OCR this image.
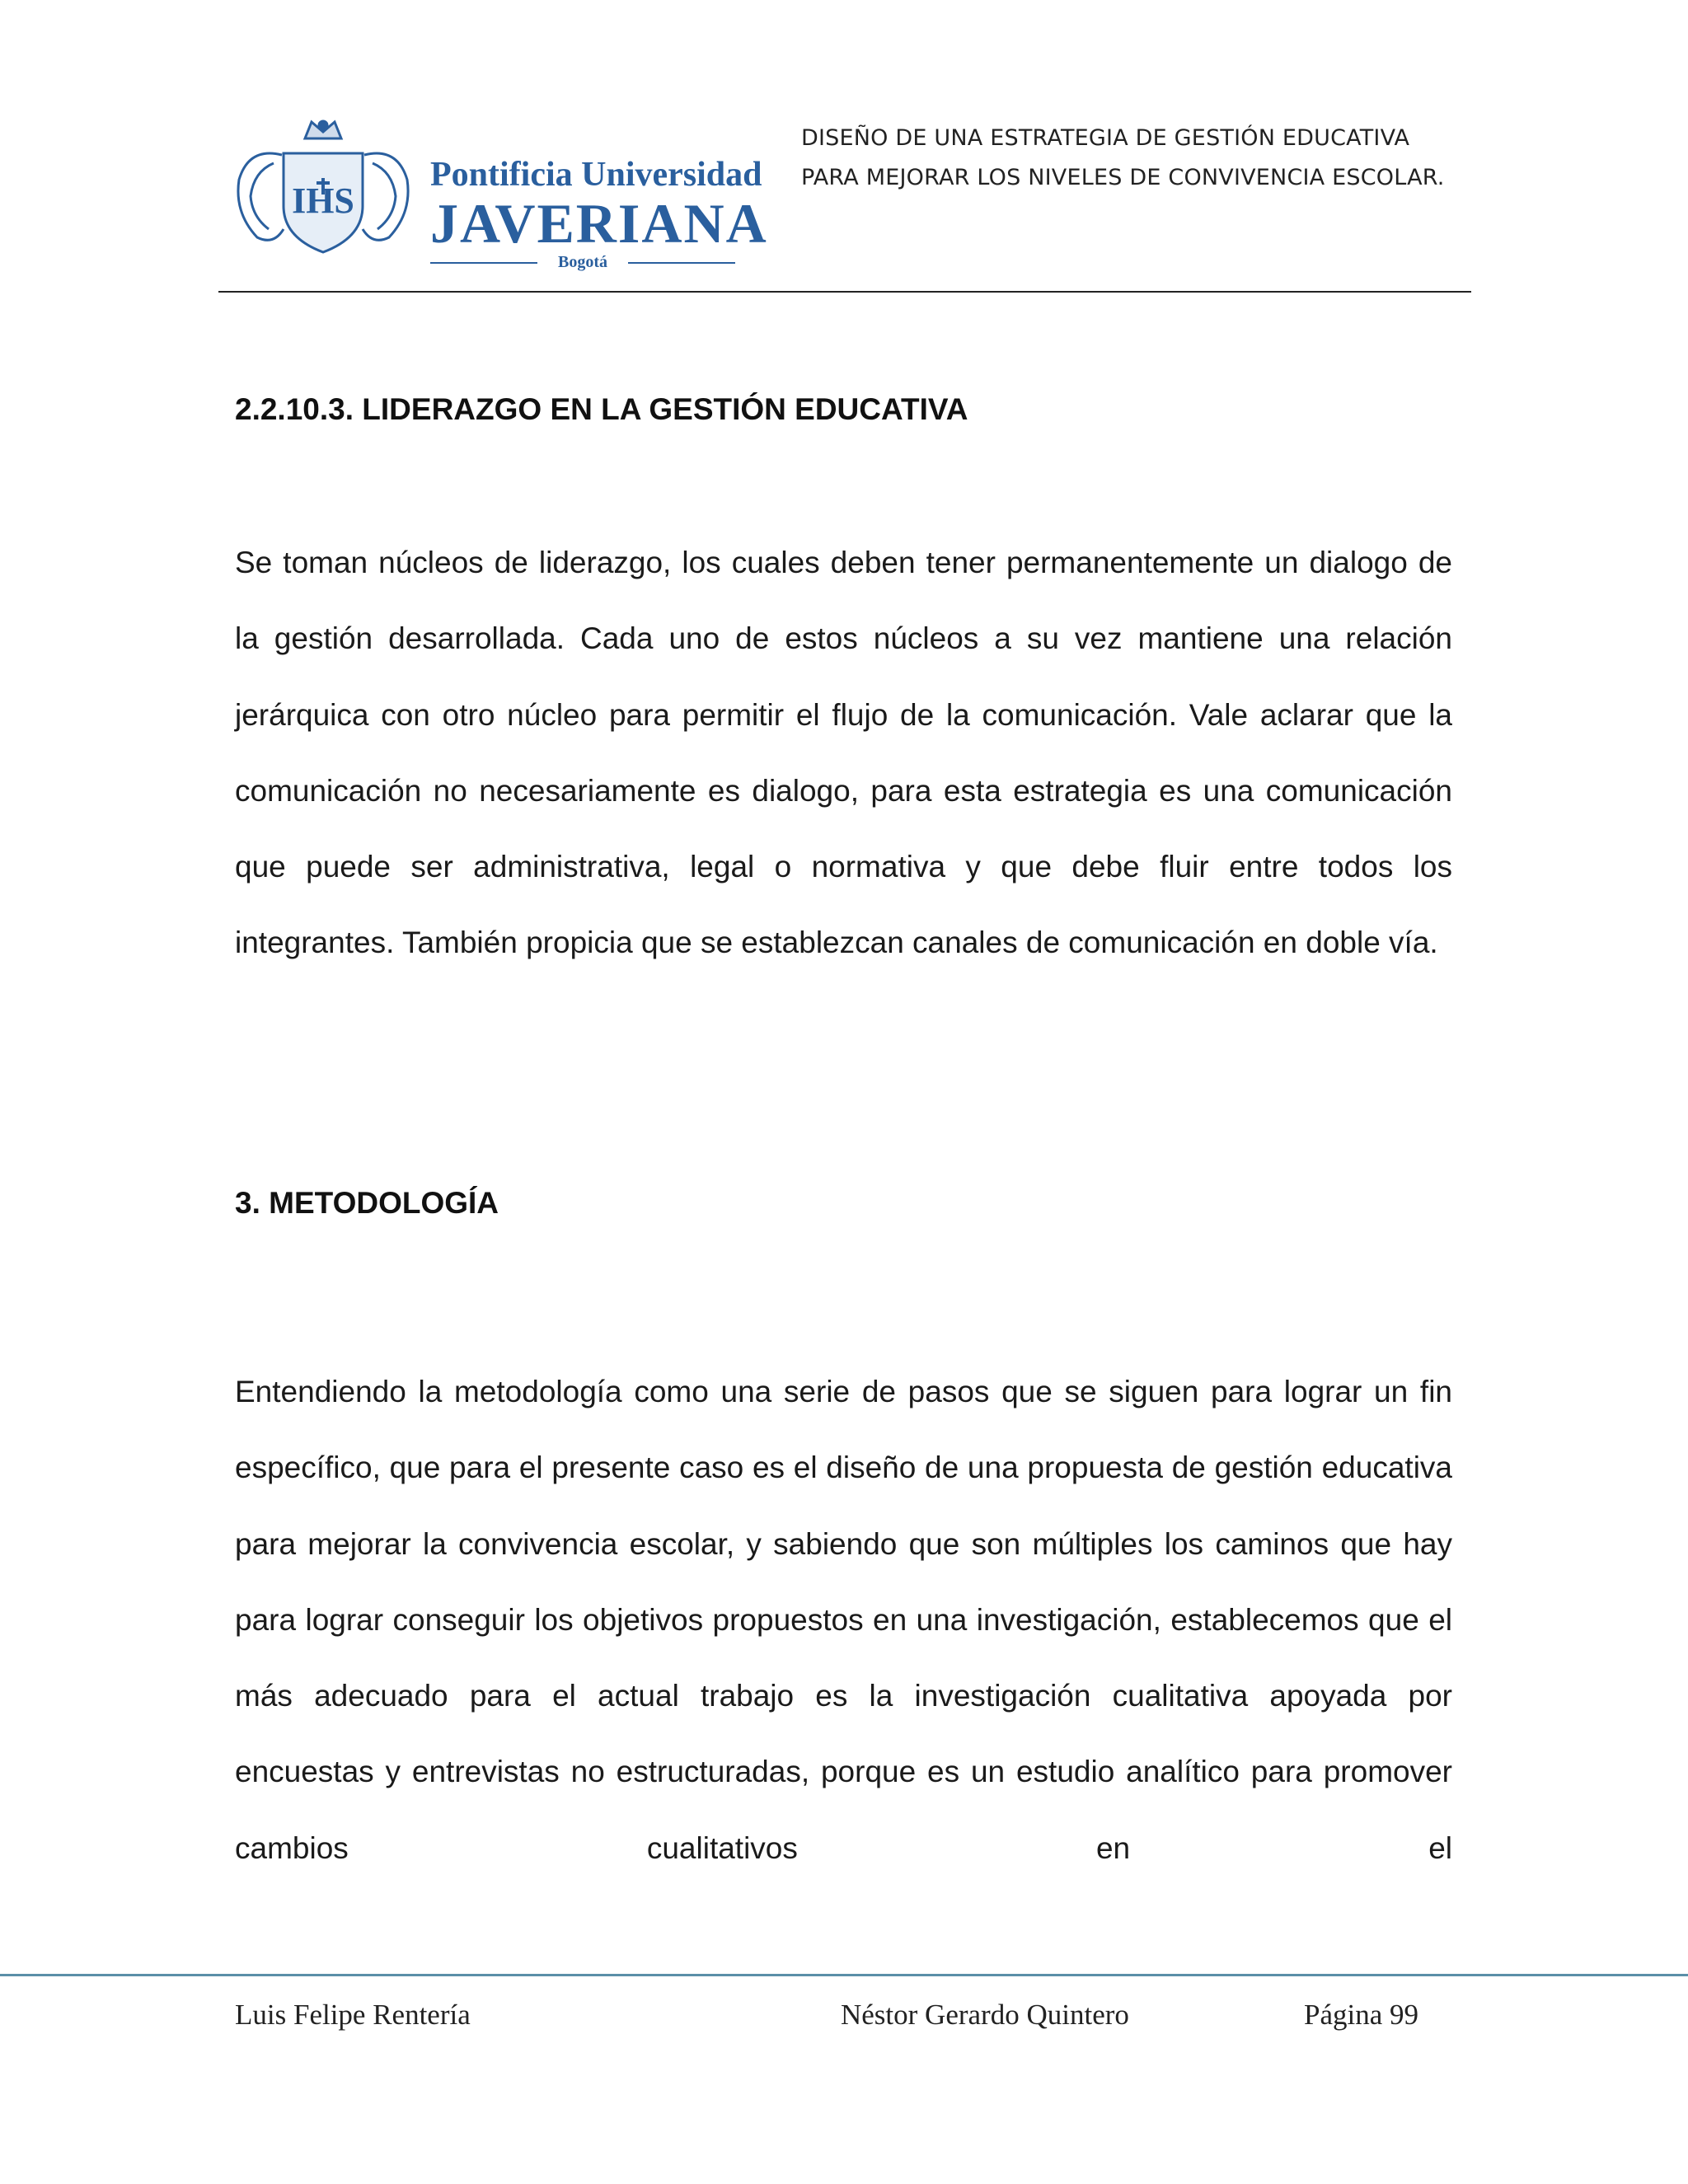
IHS
Pontificia Universidad
JAVERIANA
Bogotá
DISEÑO DE UNA ESTRATEGIA DE GESTIÓN EDUCATIVA
PARA MEJORAR LOS NIVELES DE CONVIVENCIA ESCOLAR.
2.2.10.3. LIDERAZGO EN LA GESTIÓN EDUCATIVA

Se toman núcleos de liderazgo, los cuales deben tener permanentemente un dialogo de la gestión desarrollada. Cada uno de estos núcleos a su vez mantiene una relación jerárquica con otro núcleo para permitir el flujo de la comunicación. Vale aclarar que la comunicación no necesariamente es dialogo, para esta estrategia es una comunicación que puede ser administrativa, legal o normativa y que debe fluir entre todos los integrantes. También propicia que se establezcan canales de comunicación en doble vía.

3. METODOLOGÍA

Entendiendo la metodología como una serie de pasos que se siguen para lograr un fin específico, que para el presente caso es el diseño de una propuesta de gestión educativa para mejorar la convivencia escolar, y sabiendo que son múltiples los caminos que hay para lograr conseguir los objetivos propuestos en una investigación, establecemos que el más adecuado para el actual trabajo es la investigación cualitativa apoyada por encuestas y entrevistas no estructuradas, porque es un estudio analítico para promover cambios cualitativos en el

Luis Felipe Rentería	Néstor Gerardo Quintero	Página 99
